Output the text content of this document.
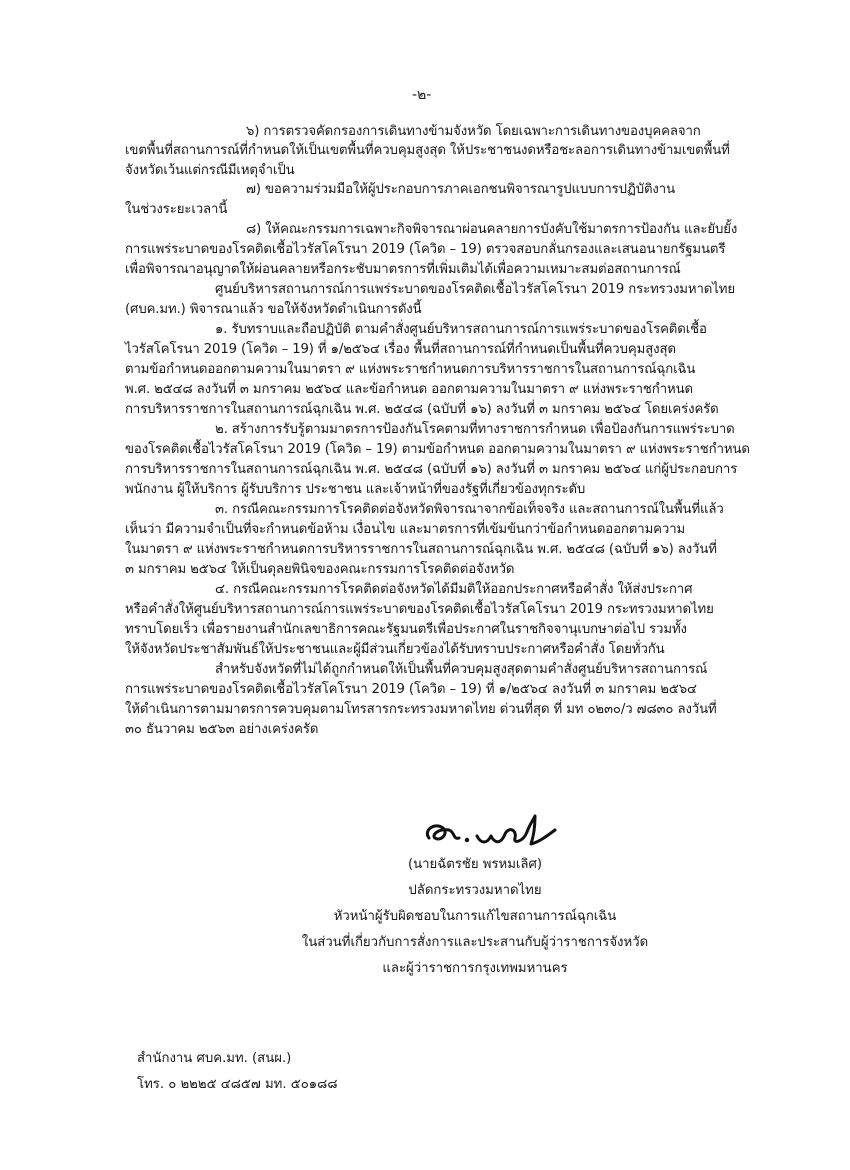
-๒-
๖) การตรวจคัดกรองการเดินทางข้ามจังหวัด โดยเฉพาะการเดินทางของบุคคลจาก
เขตพื้นที่สถานการณ์ที่กำหนดให้เป็นเขตพื้นที่ควบคุมสูงสุด ให้ประชาชนงดหรือชะลอการเดินทางข้ามเขตพื้นที่
จังหวัดเว้นแต่กรณีมีเหตุจำเป็น
๗) ขอความร่วมมือให้ผู้ประกอบการภาคเอกชนพิจารณารูปแบบการปฏิบัติงาน
ในช่วงระยะเวลานี้
๘) ให้คณะกรรมการเฉพาะกิจพิจารณาผ่อนคลายการบังคับใช้มาตรการป้องกัน และยับยั้ง
การแพร่ระบาดของโรคติดเชื้อไวรัสโคโรนา 2019 (โควิด – 19) ตรวจสอบกลั่นกรองและเสนอนายกรัฐมนตรี
เพื่อพิจารณาอนุญาตให้ผ่อนคลายหรือกระชับมาตรการที่เพิ่มเติมได้เพื่อความเหมาะสมต่อสถานการณ์
ศูนย์บริหารสถานการณ์การแพร่ระบาดของโรคติดเชื้อไวรัสโคโรนา 2019 กระทรวงมหาดไทย
(ศบค.มท.) พิจารณาแล้ว ขอให้จังหวัดดำเนินการดังนี้
๑. รับทราบและถือปฏิบัติ ตามคำสั่งศูนย์บริหารสถานการณ์การแพร่ระบาดของโรคติดเชื้อ
ไวรัสโคโรนา 2019 (โควิด – 19) ที่ ๑/๒๕๖๔ เรื่อง พื้นที่สถานการณ์ที่กำหนดเป็นพื้นที่ควบคุมสูงสุด
ตามข้อกำหนดออกตามความในมาตรา ๙ แห่งพระราชกำหนดการบริหารราชการในสถานการณ์ฉุกเฉิน
พ.ศ. ๒๕๔๘ ลงวันที่ ๓ มกราคม ๒๕๖๔ และข้อกำหนด ออกตามความในมาตรา ๙ แห่งพระราชกำหนด
การบริหารราชการในสถานการณ์ฉุกเฉิน พ.ศ. ๒๕๔๘ (ฉบับที่ ๑๖) ลงวันที่ ๓ มกราคม ๒๕๖๔ โดยเคร่งครัด
๒. สร้างการรับรู้ตามมาตรการป้องกันโรคตามที่ทางราชการกำหนด เพื่อป้องกันการแพร่ระบาด
ของโรคติดเชื้อไวรัสโคโรนา 2019 (โควิด – 19) ตามข้อกำหนด ออกตามความในมาตรา ๙ แห่งพระราชกำหนด
การบริหารราชการในสถานการณ์ฉุกเฉิน พ.ศ. ๒๕๔๘ (ฉบับที่ ๑๖) ลงวันที่ ๓ มกราคม ๒๕๖๔ แก่ผู้ประกอบการ
พนักงาน ผู้ให้บริการ ผู้รับบริการ ประชาชน และเจ้าหน้าที่ของรัฐที่เกี่ยวข้องทุกระดับ
๓. กรณีคณะกรรมการโรคติดต่อจังหวัดพิจารณาจากข้อเท็จจริง และสถานการณ์ในพื้นที่แล้ว
เห็นว่า มีความจำเป็นที่จะกำหนดข้อห้าม เงื่อนไข และมาตรการที่เข้มข้นกว่าข้อกำหนดออกตามความ
ในมาตรา ๙ แห่งพระราชกำหนดการบริหารราชการในสถานการณ์ฉุกเฉิน พ.ศ. ๒๕๔๘ (ฉบับที่ ๑๖) ลงวันที่
๓ มกราคม ๒๕๖๔ ให้เป็นดุลยพินิจของคณะกรรมการโรคติดต่อจังหวัด
๔. กรณีคณะกรรมการโรคติดต่อจังหวัดได้มีมติให้ออกประกาศหรือคำสั่ง ให้ส่งประกาศ
หรือคำสั่งให้ศูนย์บริหารสถานการณ์การแพร่ระบาดของโรคติดเชื้อไวรัสโคโรนา 2019 กระทรวงมหาดไทย
ทราบโดยเร็ว เพื่อรายงานสำนักเลขาธิการคณะรัฐมนตรีเพื่อประกาศในราชกิจจานุเบกษาต่อไป รวมทั้ง
ให้จังหวัดประชาสัมพันธ์ให้ประชาชนและผู้มีส่วนเกี่ยวข้องได้รับทราบประกาศหรือคำสั่ง โดยทั่วกัน
สำหรับจังหวัดที่ไม่ได้ถูกกำหนดให้เป็นพื้นที่ควบคุมสูงสุดตามคำสั่งศูนย์บริหารสถานการณ์
การแพร่ระบาดของโรคติดเชื้อไวรัสโคโรนา 2019 (โควิด – 19) ที่ ๑/๒๕๖๔ ลงวันที่ ๓ มกราคม ๒๕๖๔
ให้ดำเนินการตามมาตรการควบคุมตามโทรสารกระทรวงมหาดไทย ด่วนที่สุด ที่ มท ๐๒๓๐/ว ๗๘๓๐ ลงวันที่
๓๐ ธันวาคม ๒๕๖๓ อย่างเคร่งครัด
(นายฉัตรชัย พรหมเลิศ)
ปลัดกระทรวงมหาดไทย
หัวหน้าผู้รับผิดชอบในการแก้ไขสถานการณ์ฉุกเฉิน
ในส่วนที่เกี่ยวกับการสั่งการและประสานกับผู้ว่าราชการจังหวัด
และผู้ว่าราชการกรุงเทพมหานคร
สำนักงาน ศบค.มท. (สนผ.)
โทร. ๐ ๒๒๒๕ ๔๘๕๗ มท. ๕๐๑๘๘
